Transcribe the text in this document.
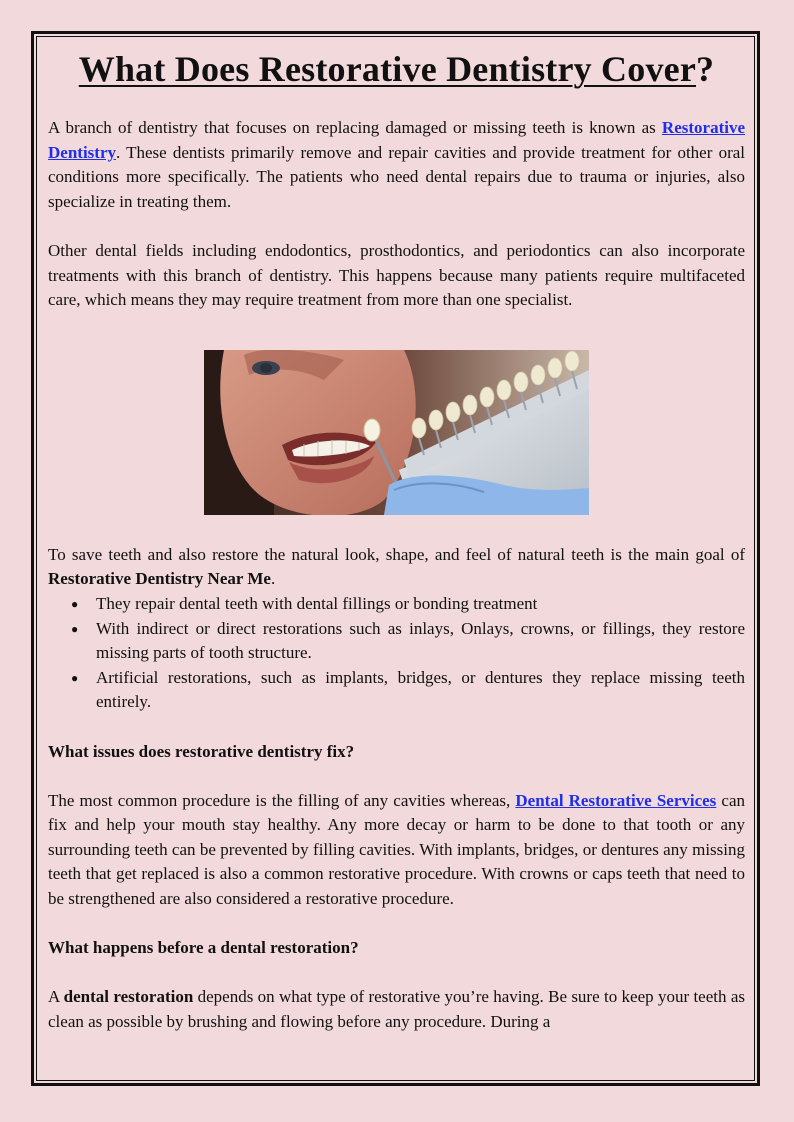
What Does Restorative Dentistry Cover?

A branch of dentistry that focuses on replacing damaged or missing teeth is known as Restorative Dentistry. These dentists primarily remove and repair cavities and provide treatment for other oral conditions more specifically. The patients who need dental repairs due to trauma or injuries, also specialize in treating them.

Other dental fields including endodontics, prosthodontics, and periodontics can also incorporate treatments with this branch of dentistry. This happens because many patients require multifaceted care, which means they may require treatment from more than one specialist.

To save teeth and also restore the natural look, shape, and feel of natural teeth is the main goal of Restorative Dentistry Near Me.

● They repair dental teeth with dental fillings or bonding treatment
● With indirect or direct restorations such as inlays, Onlays, crowns, or fillings, they restore missing parts of tooth structure.
● Artificial restorations, such as implants, bridges, or dentures they replace missing teeth entirely.
What issues does restorative dentistry fix?

The most common procedure is the filling of any cavities whereas, Dental Restorative Services can fix and help your mouth stay healthy. Any more decay or harm to be done to that tooth or any surrounding teeth can be prevented by filling cavities. With implants, bridges, or dentures any missing teeth that get replaced is also a common restorative procedure. With crowns or caps teeth that need to be strengthened are also considered a restorative procedure.

What happens before a dental restoration?

A dental restoration depends on what type of restorative you’re having. Be sure to keep your teeth as clean as possible by brushing and flowing before any procedure. During a
